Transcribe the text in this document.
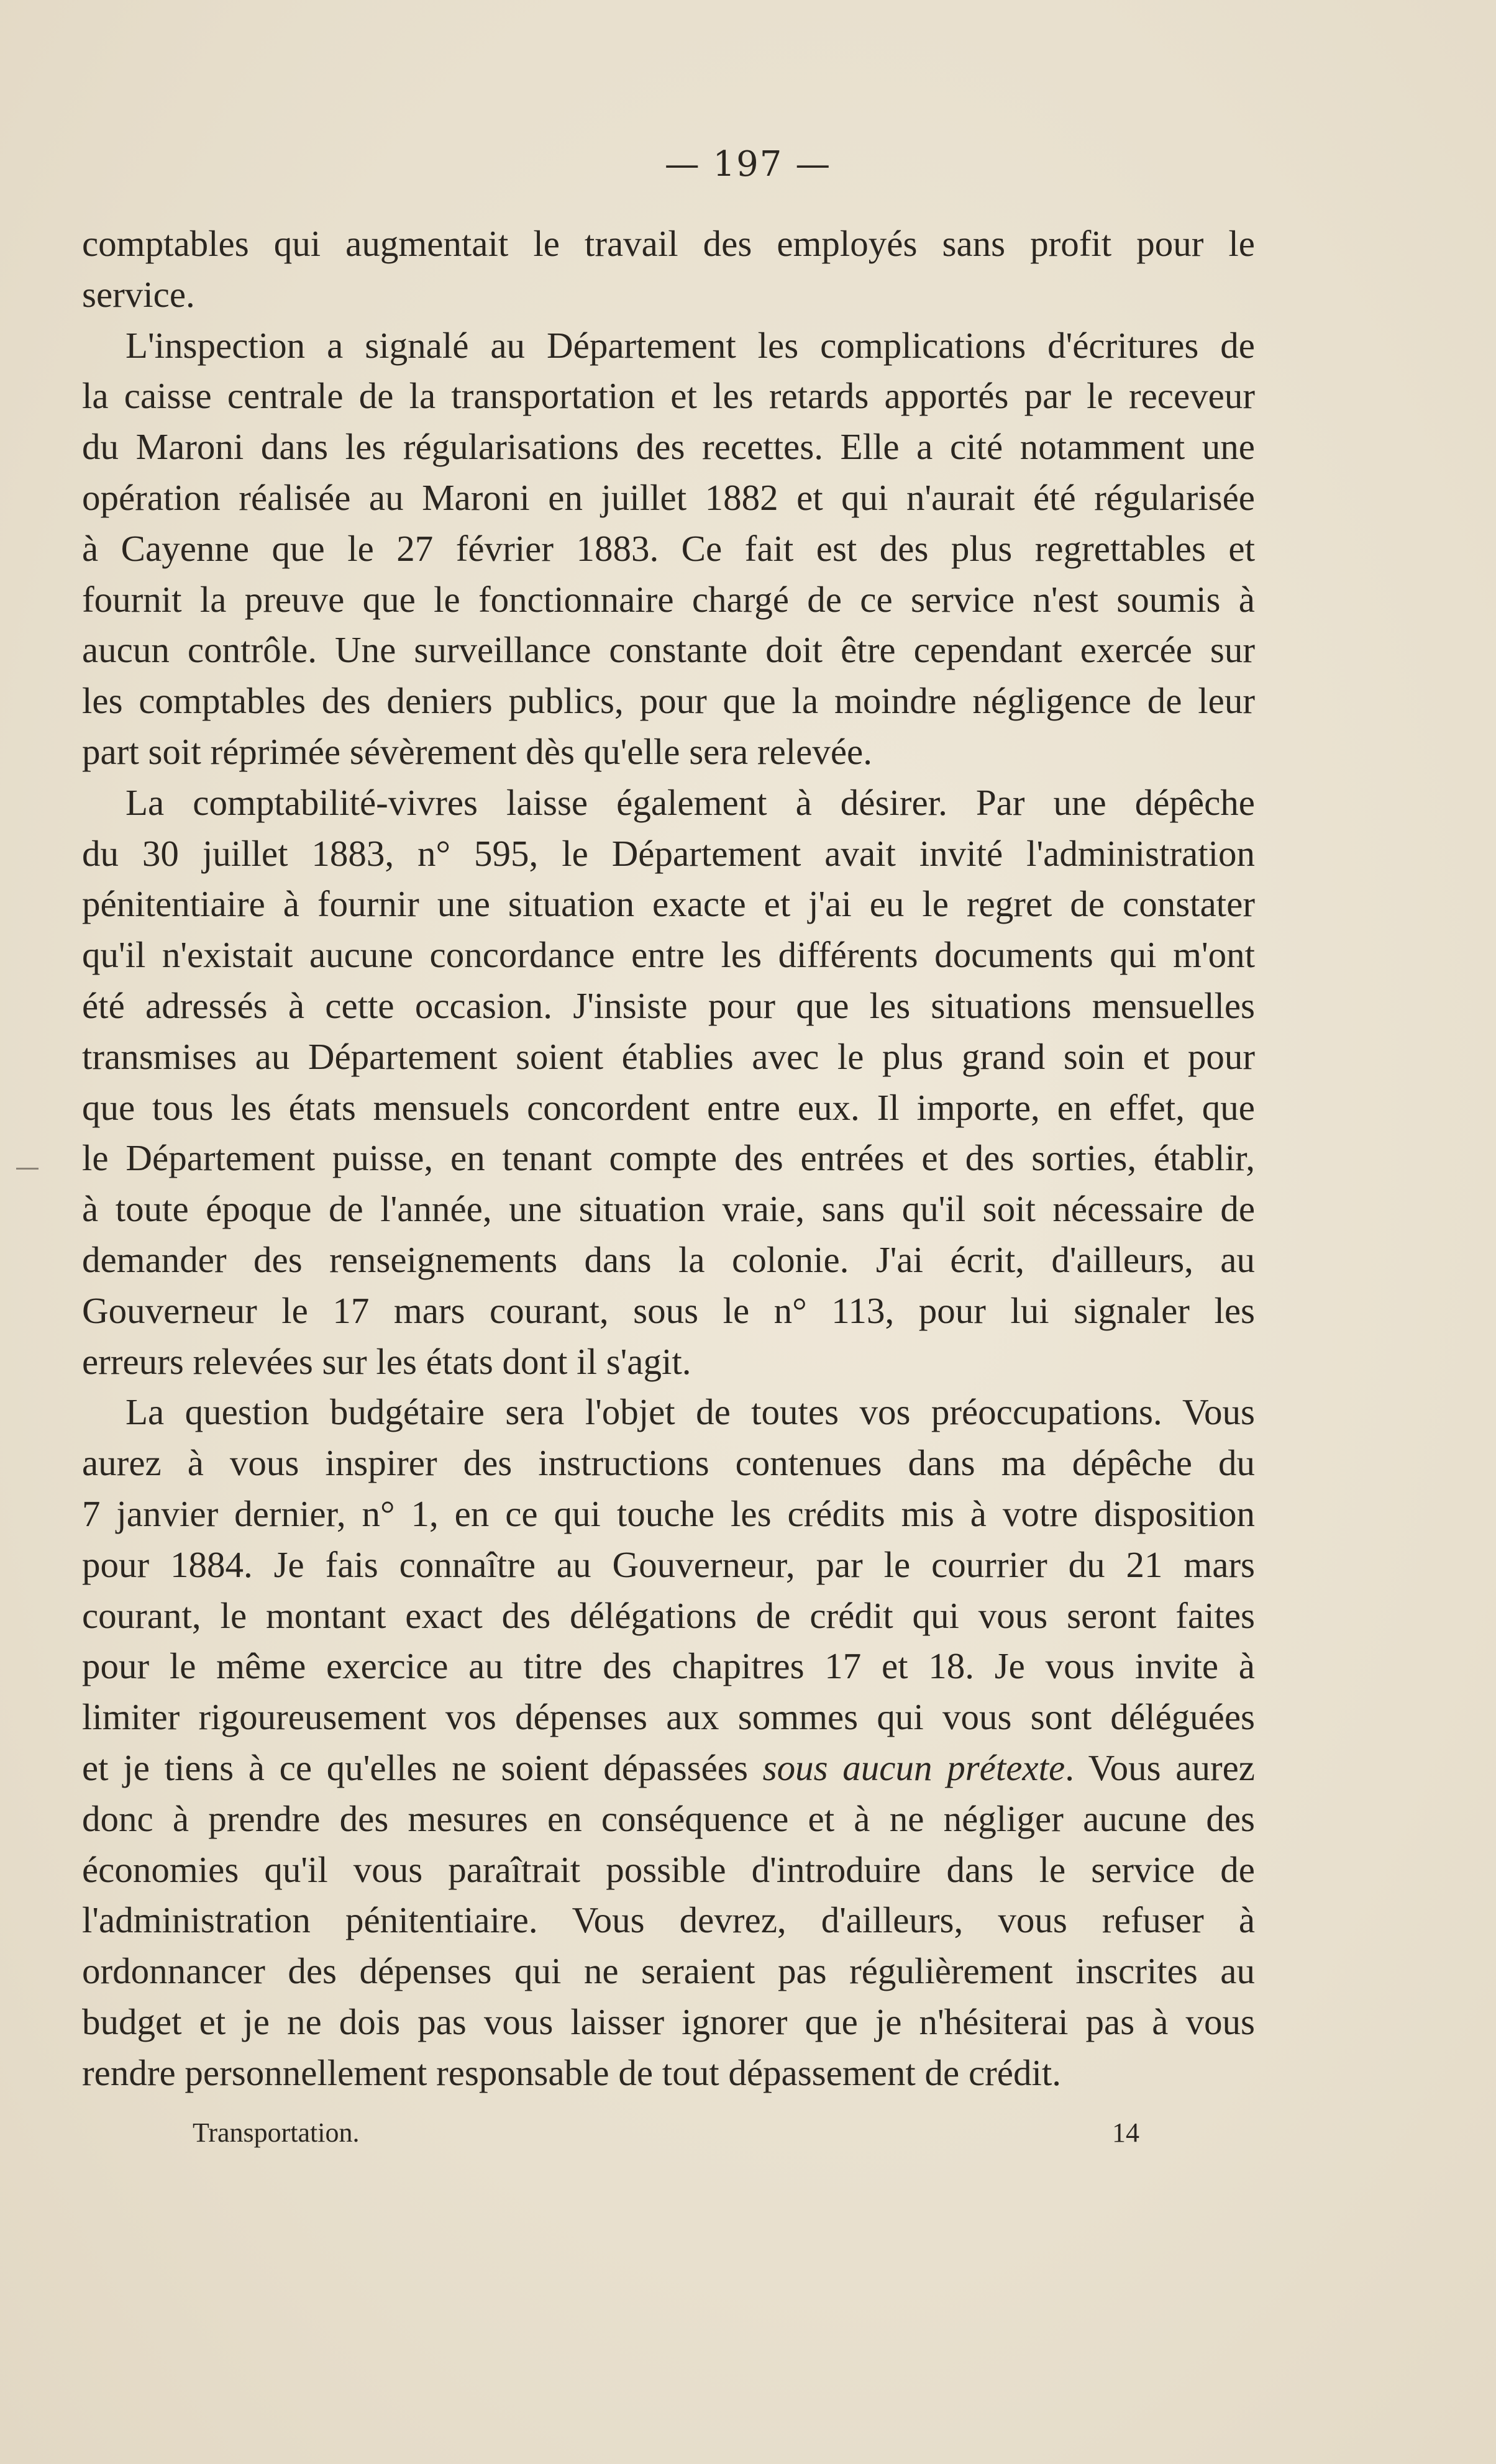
— 197 —
comptables qui augmentait le travail des employés sans profit pour le
service.
L'inspection a signalé au Département les complications d'écritures de
la caisse centrale de la transportation et les retards apportés par le receveur
du Maroni dans les régularisations des recettes. Elle a cité notamment une
opération réalisée au Maroni en juillet 1882 et qui n'aurait été régularisée
à Cayenne que le 27 février 1883. Ce fait est des plus regrettables et
fournit la preuve que le fonctionnaire chargé de ce service n'est soumis à
aucun contrôle. Une surveillance constante doit être cependant exercée sur
les comptables des deniers publics, pour que la moindre négligence de leur
part soit réprimée sévèrement dès qu'elle sera relevée.
La comptabilité-vivres laisse également à désirer. Par une dépêche
du 30 juillet 1883, n° 595, le Département avait invité l'administration
pénitentiaire à fournir une situation exacte et j'ai eu le regret de constater
qu'il n'existait aucune concordance entre les différents documents qui m'ont
été adressés à cette occasion. J'insiste pour que les situations mensuelles
transmises au Département soient établies avec le plus grand soin et pour
que tous les états mensuels concordent entre eux. Il importe, en effet, que
le Département puisse, en tenant compte des entrées et des sorties, établir,
à toute époque de l'année, une situation vraie, sans qu'il soit nécessaire de
demander des renseignements dans la colonie. J'ai écrit, d'ailleurs, au
Gouverneur le 17 mars courant, sous le n° 113, pour lui signaler les
erreurs relevées sur les états dont il s'agit.
La question budgétaire sera l'objet de toutes vos préoccupations. Vous
aurez à vous inspirer des instructions contenues dans ma dépêche du
7 janvier dernier, n° 1, en ce qui touche les crédits mis à votre disposition
pour 1884. Je fais connaître au Gouverneur, par le courrier du 21 mars
courant, le montant exact des délégations de crédit qui vous seront faites
pour le même exercice au titre des chapitres 17 et 18. Je vous invite à
limiter rigoureusement vos dépenses aux sommes qui vous sont déléguées
et je tiens à ce qu'elles ne soient dépassées sous aucun prétexte. Vous aurez
donc à prendre des mesures en conséquence et à ne négliger aucune des
économies qu'il vous paraîtrait possible d'introduire dans le service de
l'administration pénitentiaire. Vous devrez, d'ailleurs, vous refuser à
ordonnancer des dépenses qui ne seraient pas régulièrement inscrites au
budget et je ne dois pas vous laisser ignorer que je n'hésiterai pas à vous
rendre personnellement responsable de tout dépassement de crédit.
Transportation.	14
